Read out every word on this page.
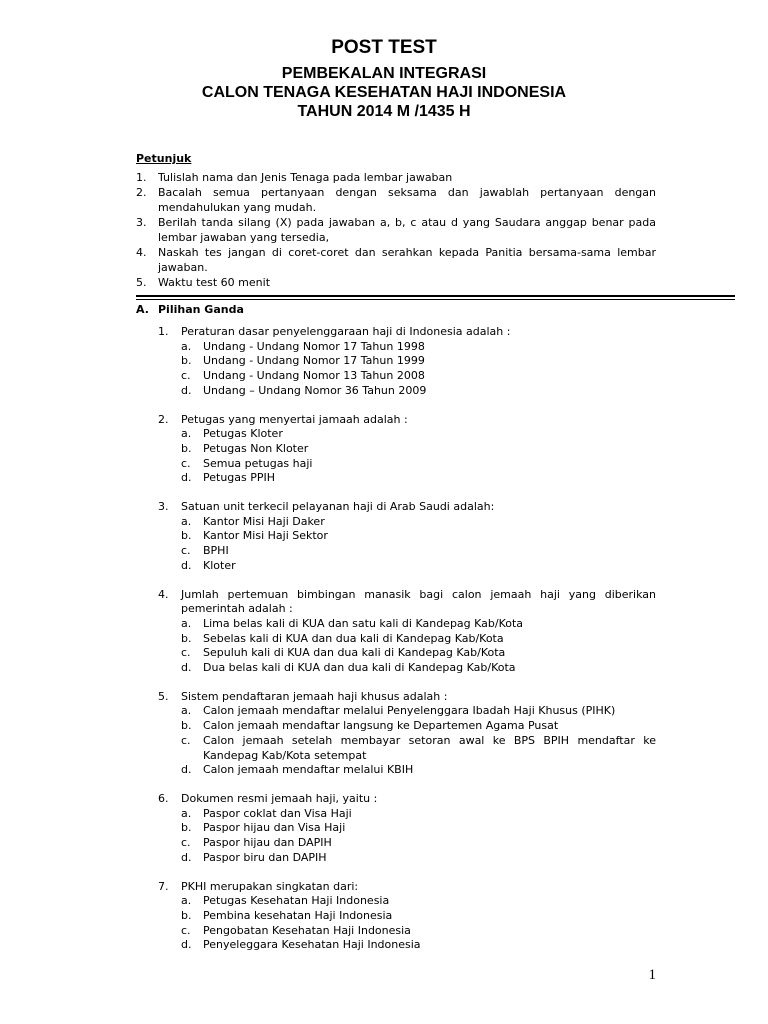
POST TEST
PEMBEKALAN INTEGRASI
CALON TENAGA KESEHATAN HAJI INDONESIA
TAHUN 2014 M /1435 H
Petunjuk
1. Tulislah nama dan Jenis Tenaga pada lembar jawaban
2. Bacalah semua pertanyaan dengan seksama dan jawablah pertanyaan dengan mendahulukan yang mudah.
3. Berilah tanda silang (X) pada jawaban a, b, c atau d yang Saudara anggap benar pada lembar jawaban yang tersedia,
4. Naskah tes jangan di coret-coret dan serahkan kepada Panitia bersama-sama lembar jawaban.
5. Waktu test 60 menit
A. Pilihan Ganda
1. Peraturan dasar penyelenggaraan haji di Indonesia adalah :
a. Undang - Undang Nomor 17 Tahun 1998
b. Undang - Undang Nomor 17 Tahun 1999
c. Undang - Undang Nomor 13 Tahun 2008
d. Undang – Undang Nomor 36 Tahun 2009
2. Petugas yang menyertai jamaah adalah :
a. Petugas Kloter
b. Petugas Non Kloter
c. Semua petugas haji
d. Petugas PPIH
3. Satuan unit terkecil pelayanan haji di Arab Saudi adalah:
a. Kantor Misi Haji Daker
b. Kantor Misi Haji Sektor
c. BPHI
d. Kloter
4. Jumlah pertemuan bimbingan manasik bagi calon jemaah haji yang diberikan pemerintah adalah :
a. Lima belas kali di KUA dan satu kali di Kandepag Kab/Kota
b. Sebelas kali di KUA dan dua kali di Kandepag Kab/Kota
c. Sepuluh kali di KUA dan dua kali di Kandepag Kab/Kota
d. Dua belas kali di KUA dan dua kali di Kandepag Kab/Kota
5. Sistem pendaftaran jemaah haji khusus adalah :
a. Calon jemaah mendaftar melalui Penyelenggara Ibadah Haji Khusus (PIHK)
b. Calon jemaah mendaftar langsung ke Departemen Agama Pusat
c. Calon jemaah setelah membayar setoran awal ke BPS BPIH mendaftar ke Kandepag Kab/Kota setempat
d. Calon jemaah mendaftar melalui KBIH
6. Dokumen resmi jemaah haji, yaitu :
a. Paspor coklat dan Visa Haji
b. Paspor hijau dan Visa Haji
c. Paspor hijau dan DAPIH
d. Paspor biru dan DAPIH
7. PKHI merupakan singkatan dari:
a. Petugas Kesehatan Haji Indonesia
b. Pembina kesehatan Haji Indonesia
c. Pengobatan Kesehatan Haji Indonesia
d. Penyeleggara Kesehatan Haji Indonesia
1
